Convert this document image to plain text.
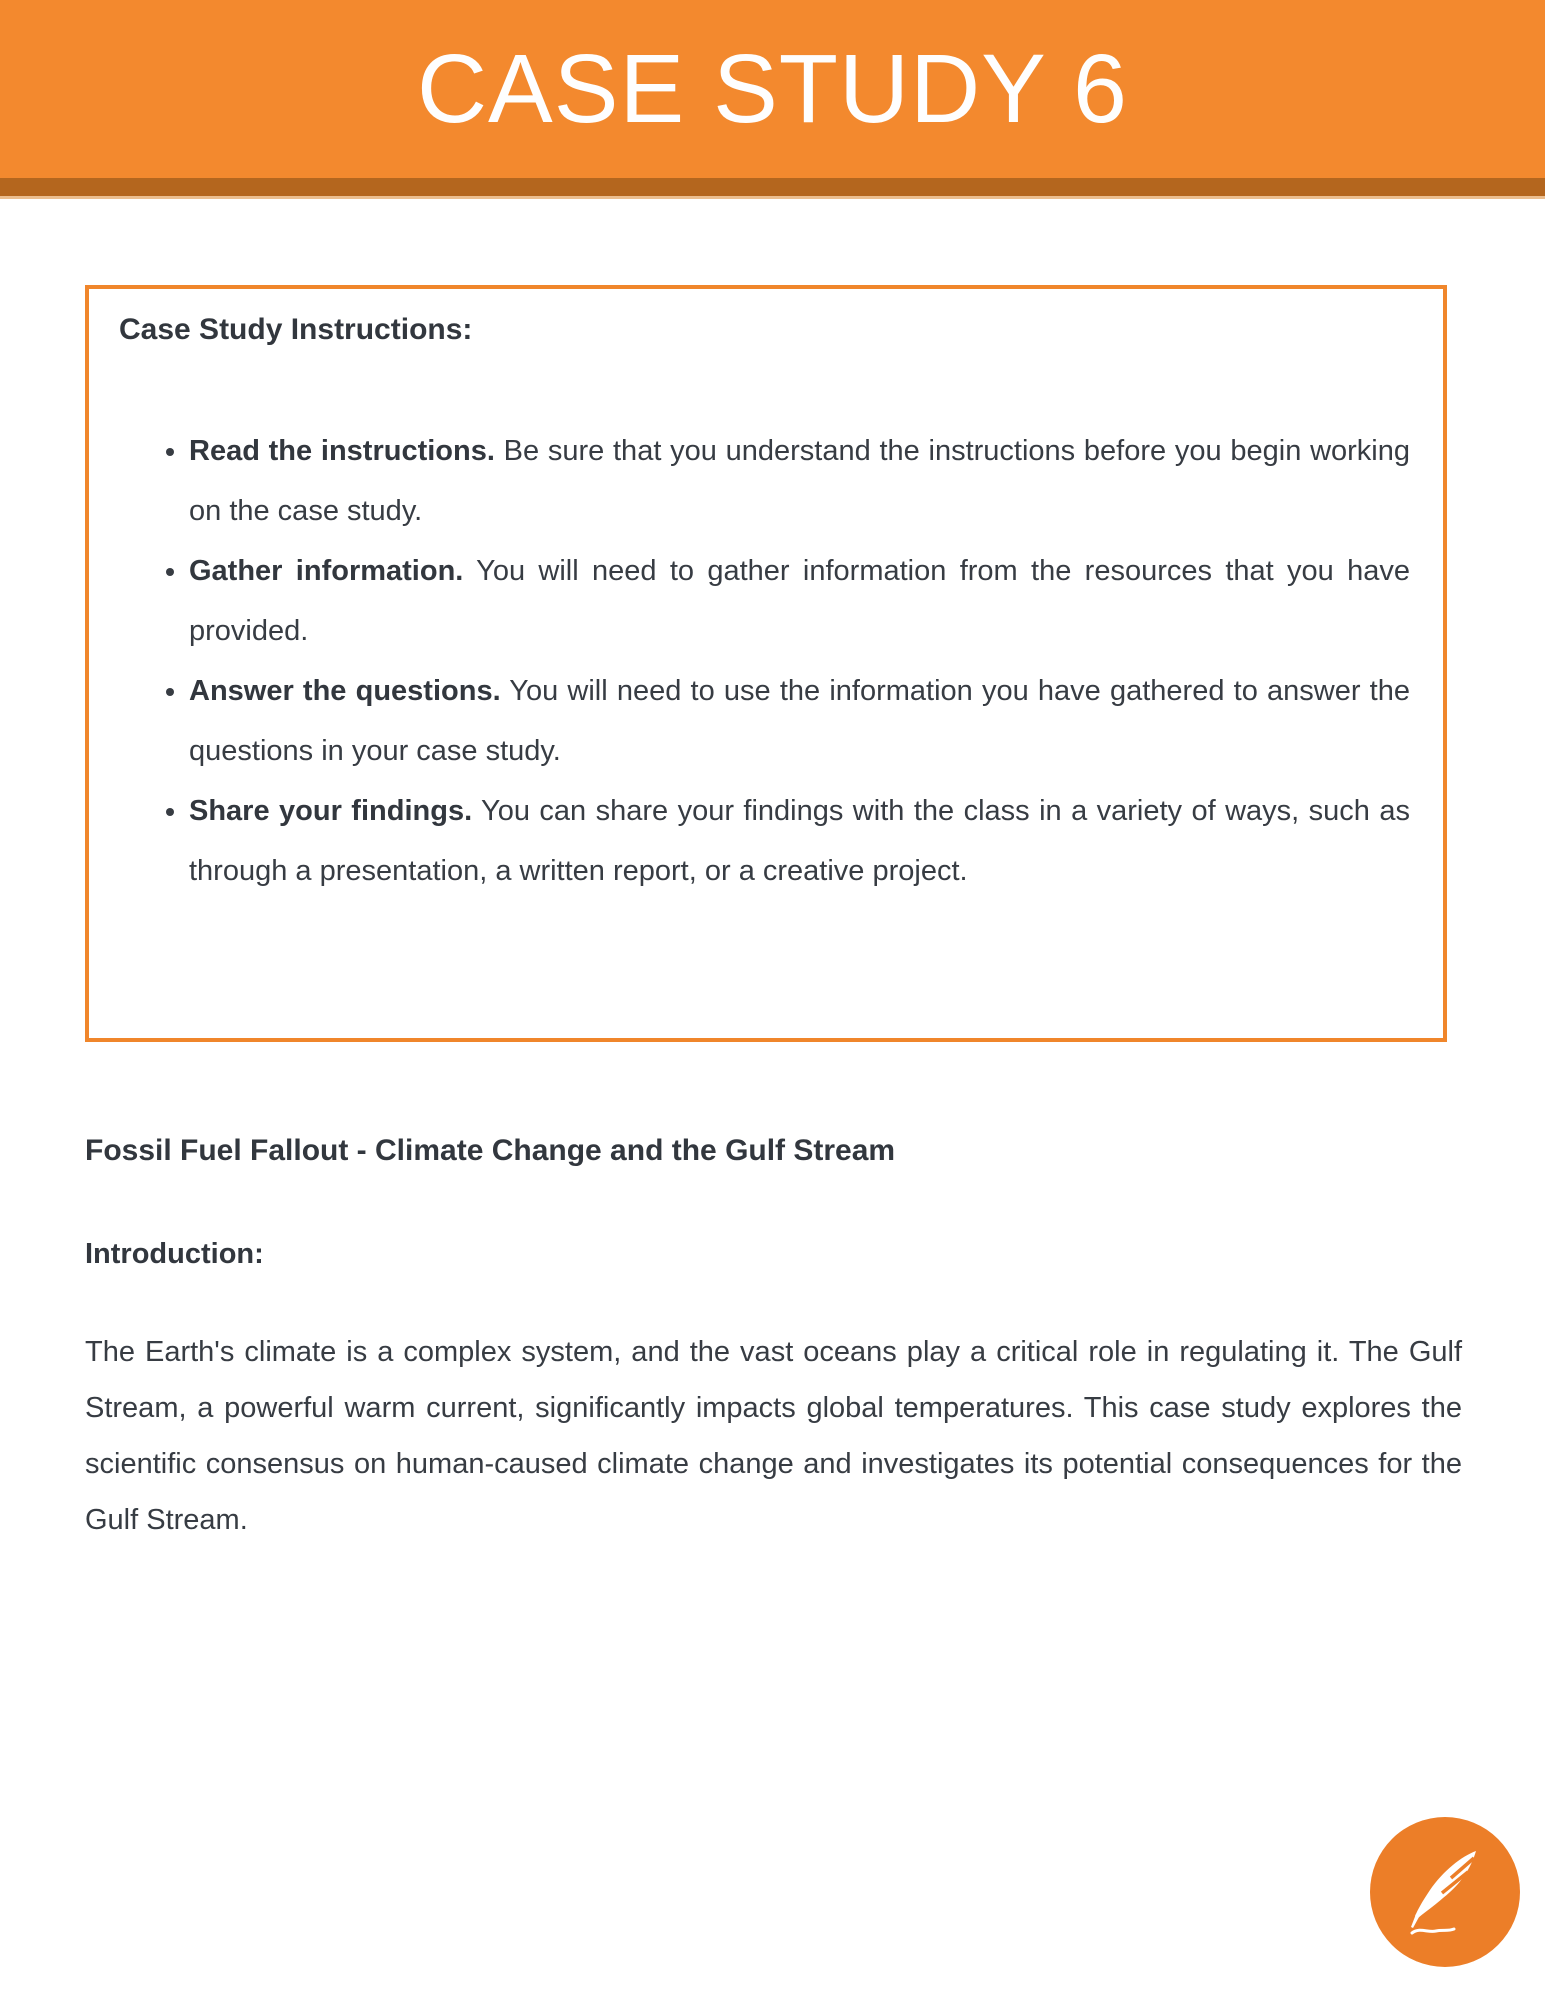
CASE STUDY 6
Case Study Instructions:
• Read the instructions. Be sure that you understand the instructions before you begin working on the case study.
• Gather information. You will need to gather information from the resources that you have provided.
• Answer the questions. You will need to use the information you have gathered to answer the questions in your case study.
• Share your findings. You can share your findings with the class in a variety of ways, such as through a presentation, a written report, or a creative project.
Fossil Fuel Fallout - Climate Change and the Gulf Stream
Introduction:

The Earth's climate is a complex system, and the vast oceans play a critical role in regulating it. The Gulf Stream, a powerful warm current, significantly impacts global temperatures. This case study explores the scientific consensus on human-caused climate change and investigates its potential consequences for the Gulf Stream.
